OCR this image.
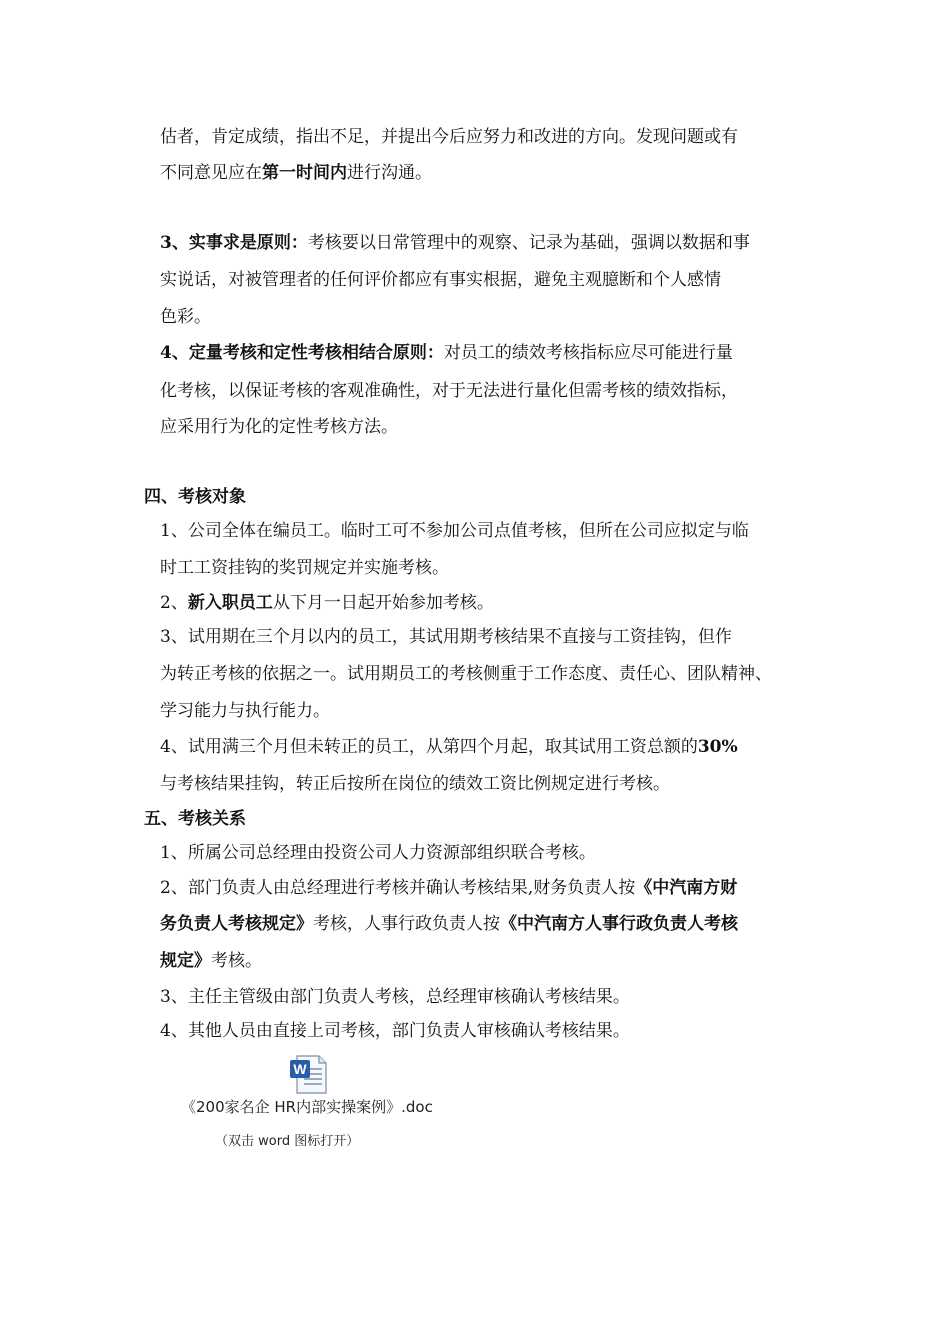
估者，肯定成绩，指出不足，并提出今后应努力和改进的方向。发现问题或有
不同意见应在第一时间内进行沟通。
3、实事求是原则：考核要以日常管理中的观察、记录为基础，强调以数据和事
实说话，对被管理者的任何评价都应有事实根据，避免主观臆断和个人感情
色彩。
4、定量考核和定性考核相结合原则：对员工的绩效考核指标应尽可能进行量
化考核，以保证考核的客观准确性，对于无法进行量化但需考核的绩效指标，
应采用行为化的定性考核方法。
四、考核对象
1、公司全体在编员工。临时工可不参加公司点值考核，但所在公司应拟定与临
时工工资挂钩的奖罚规定并实施考核。
2、新入职员工从下月一日起开始参加考核。
3、试用期在三个月以内的员工，其试用期考核结果不直接与工资挂钩，但作
为转正考核的依据之一。试用期员工的考核侧重于工作态度、责任心、团队精神、
学习能力与执行能力。
4、试用满三个月但未转正的员工，从第四个月起，取其试用工资总额的30%
与考核结果挂钩，转正后按所在岗位的绩效工资比例规定进行考核。
五、考核关系
1、所属公司总经理由投资公司人力资源部组织联合考核。
2、部门负责人由总经理进行考核并确认考核结果,财务负责人按《中汽南方财
务负责人考核规定》考核，人事行政负责人按《中汽南方人事行政负责人考核
规定》考核。
3、主任主管级由部门负责人考核，总经理审核确认考核结果。
4、其他人员由直接上司考核，部门负责人审核确认考核结果。
W
《200家名企 HR内部实操案例》.doc
（双击 word 图标打开）
